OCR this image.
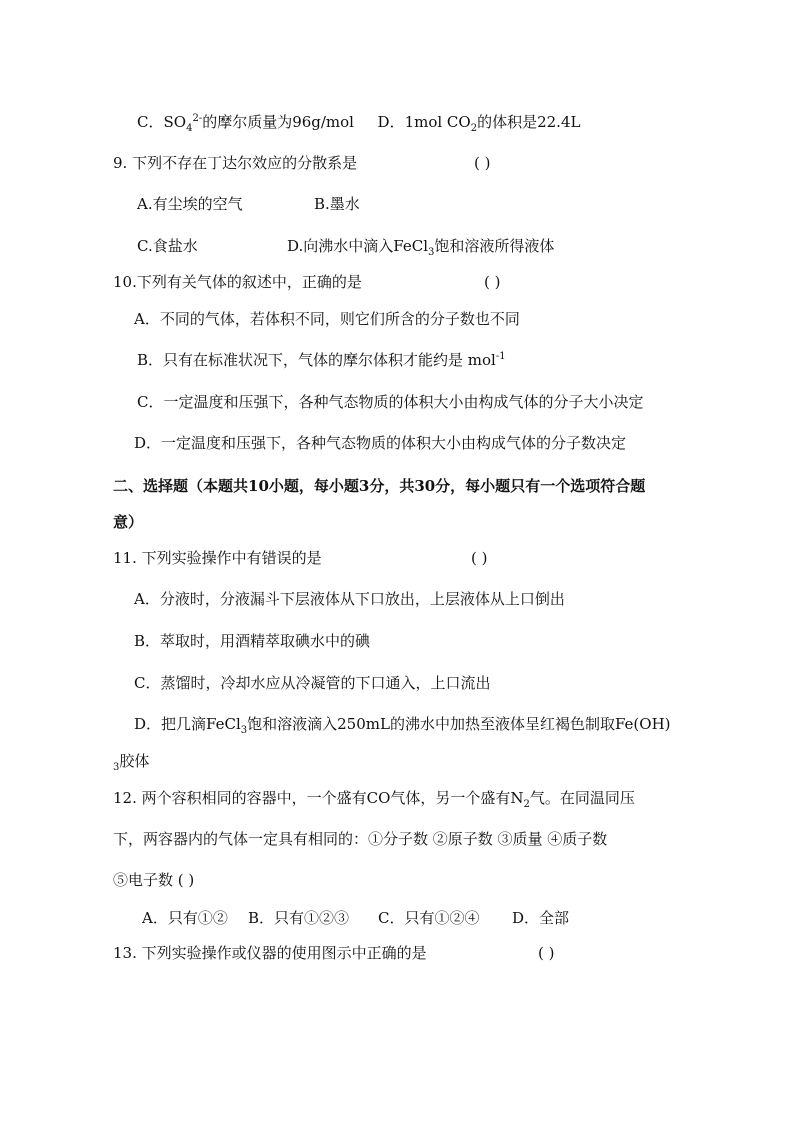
C．$SO_4^{2-}$的摩尔质量为96g/mol D．1mol $CO_2$的体积是22.4L
9. 下列不存在丁达尔效应的分散系是	( )
A.有尘埃的空气	B.墨水
C.食盐水	D.向沸水中滴入FeCl$_3$饱和溶液所得液体
10.下列有关气体的叙述中，正确的是	( )
A．不同的气体，若体积不同，则它们所含的分子数也不同
B．只有在标准状况下，气体的摩尔体积才能约是 mol$^{-1}$
C．一定温度和压强下，各种气态物质的体积大小由构成气体的分子大小决定
D．一定温度和压强下，各种气态物质的体积大小由构成气体的分子数决定
二、选择题（本题共10小题，每小题3分，共30分，每小题只有一个选项符合题
意）
11. 下列实验操作中有错误的是	( )
A．分液时，分液漏斗下层液体从下口放出，上层液体从上口倒出
B．萃取时，用酒精萃取碘水中的碘
C．蒸馏时，冷却水应从冷凝管的下口通入，上口流出
D．把几滴FeCl$_3$饱和溶液滴入250mL的沸水中加热至液体呈红褐色制取Fe(OH)
$_3$胶体
12. 两个容积相同的容器中，一个盛有CO气体，另一个盛有$N_2$气。在同温同压
下，两容器内的气体一定具有相同的：①分子数 ②原子数 ③质量 ④质子数
⑤电子数 ( )
A．只有①② B．只有①②③ C．只有①②④ D．全部
13. 下列实验操作或仪器的使用图示中正确的是	( )
